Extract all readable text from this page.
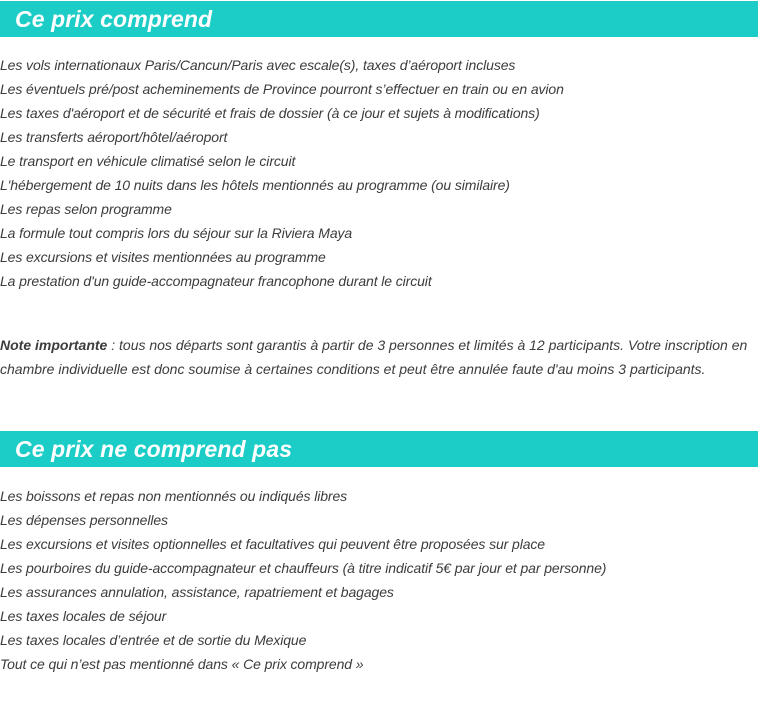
Ce prix comprend
Les vols internationaux Paris/Cancun/Paris avec escale(s), taxes d’aéroport incluses
Les éventuels pré/post acheminements de Province pourront s’effectuer en train ou en avion
Les taxes d'aéroport et de sécurité et frais de dossier (à ce jour et sujets à modifications)
Les transferts aéroport/hôtel/aéroport
Le transport en véhicule climatisé selon le circuit
L'hébergement de 10 nuits dans les hôtels mentionnés au programme (ou similaire)
Les repas selon programme
La formule tout compris lors du séjour sur la Riviera Maya
Les excursions et visites mentionnées au programme
La prestation d'un guide-accompagnateur francophone durant le circuit

Note importante : tous nos départs sont garantis à partir de 3 personnes et limités à 12 participants. Votre inscription en chambre individuelle est donc soumise à certaines conditions et peut être annulée faute d'au moins 3 participants.

Ce prix ne comprend pas
Les boissons et repas non mentionnés ou indiqués libres
Les dépenses personnelles
Les excursions et visites optionnelles et facultatives qui peuvent être proposées sur place
Les pourboires du guide-accompagnateur et chauffeurs (à titre indicatif 5€ par jour et par personne)
Les assurances annulation, assistance, rapatriement et bagages
Les taxes locales de séjour
Les taxes locales d’entrée et de sortie du Mexique
Tout ce qui n’est pas mentionné dans « Ce prix comprend »
